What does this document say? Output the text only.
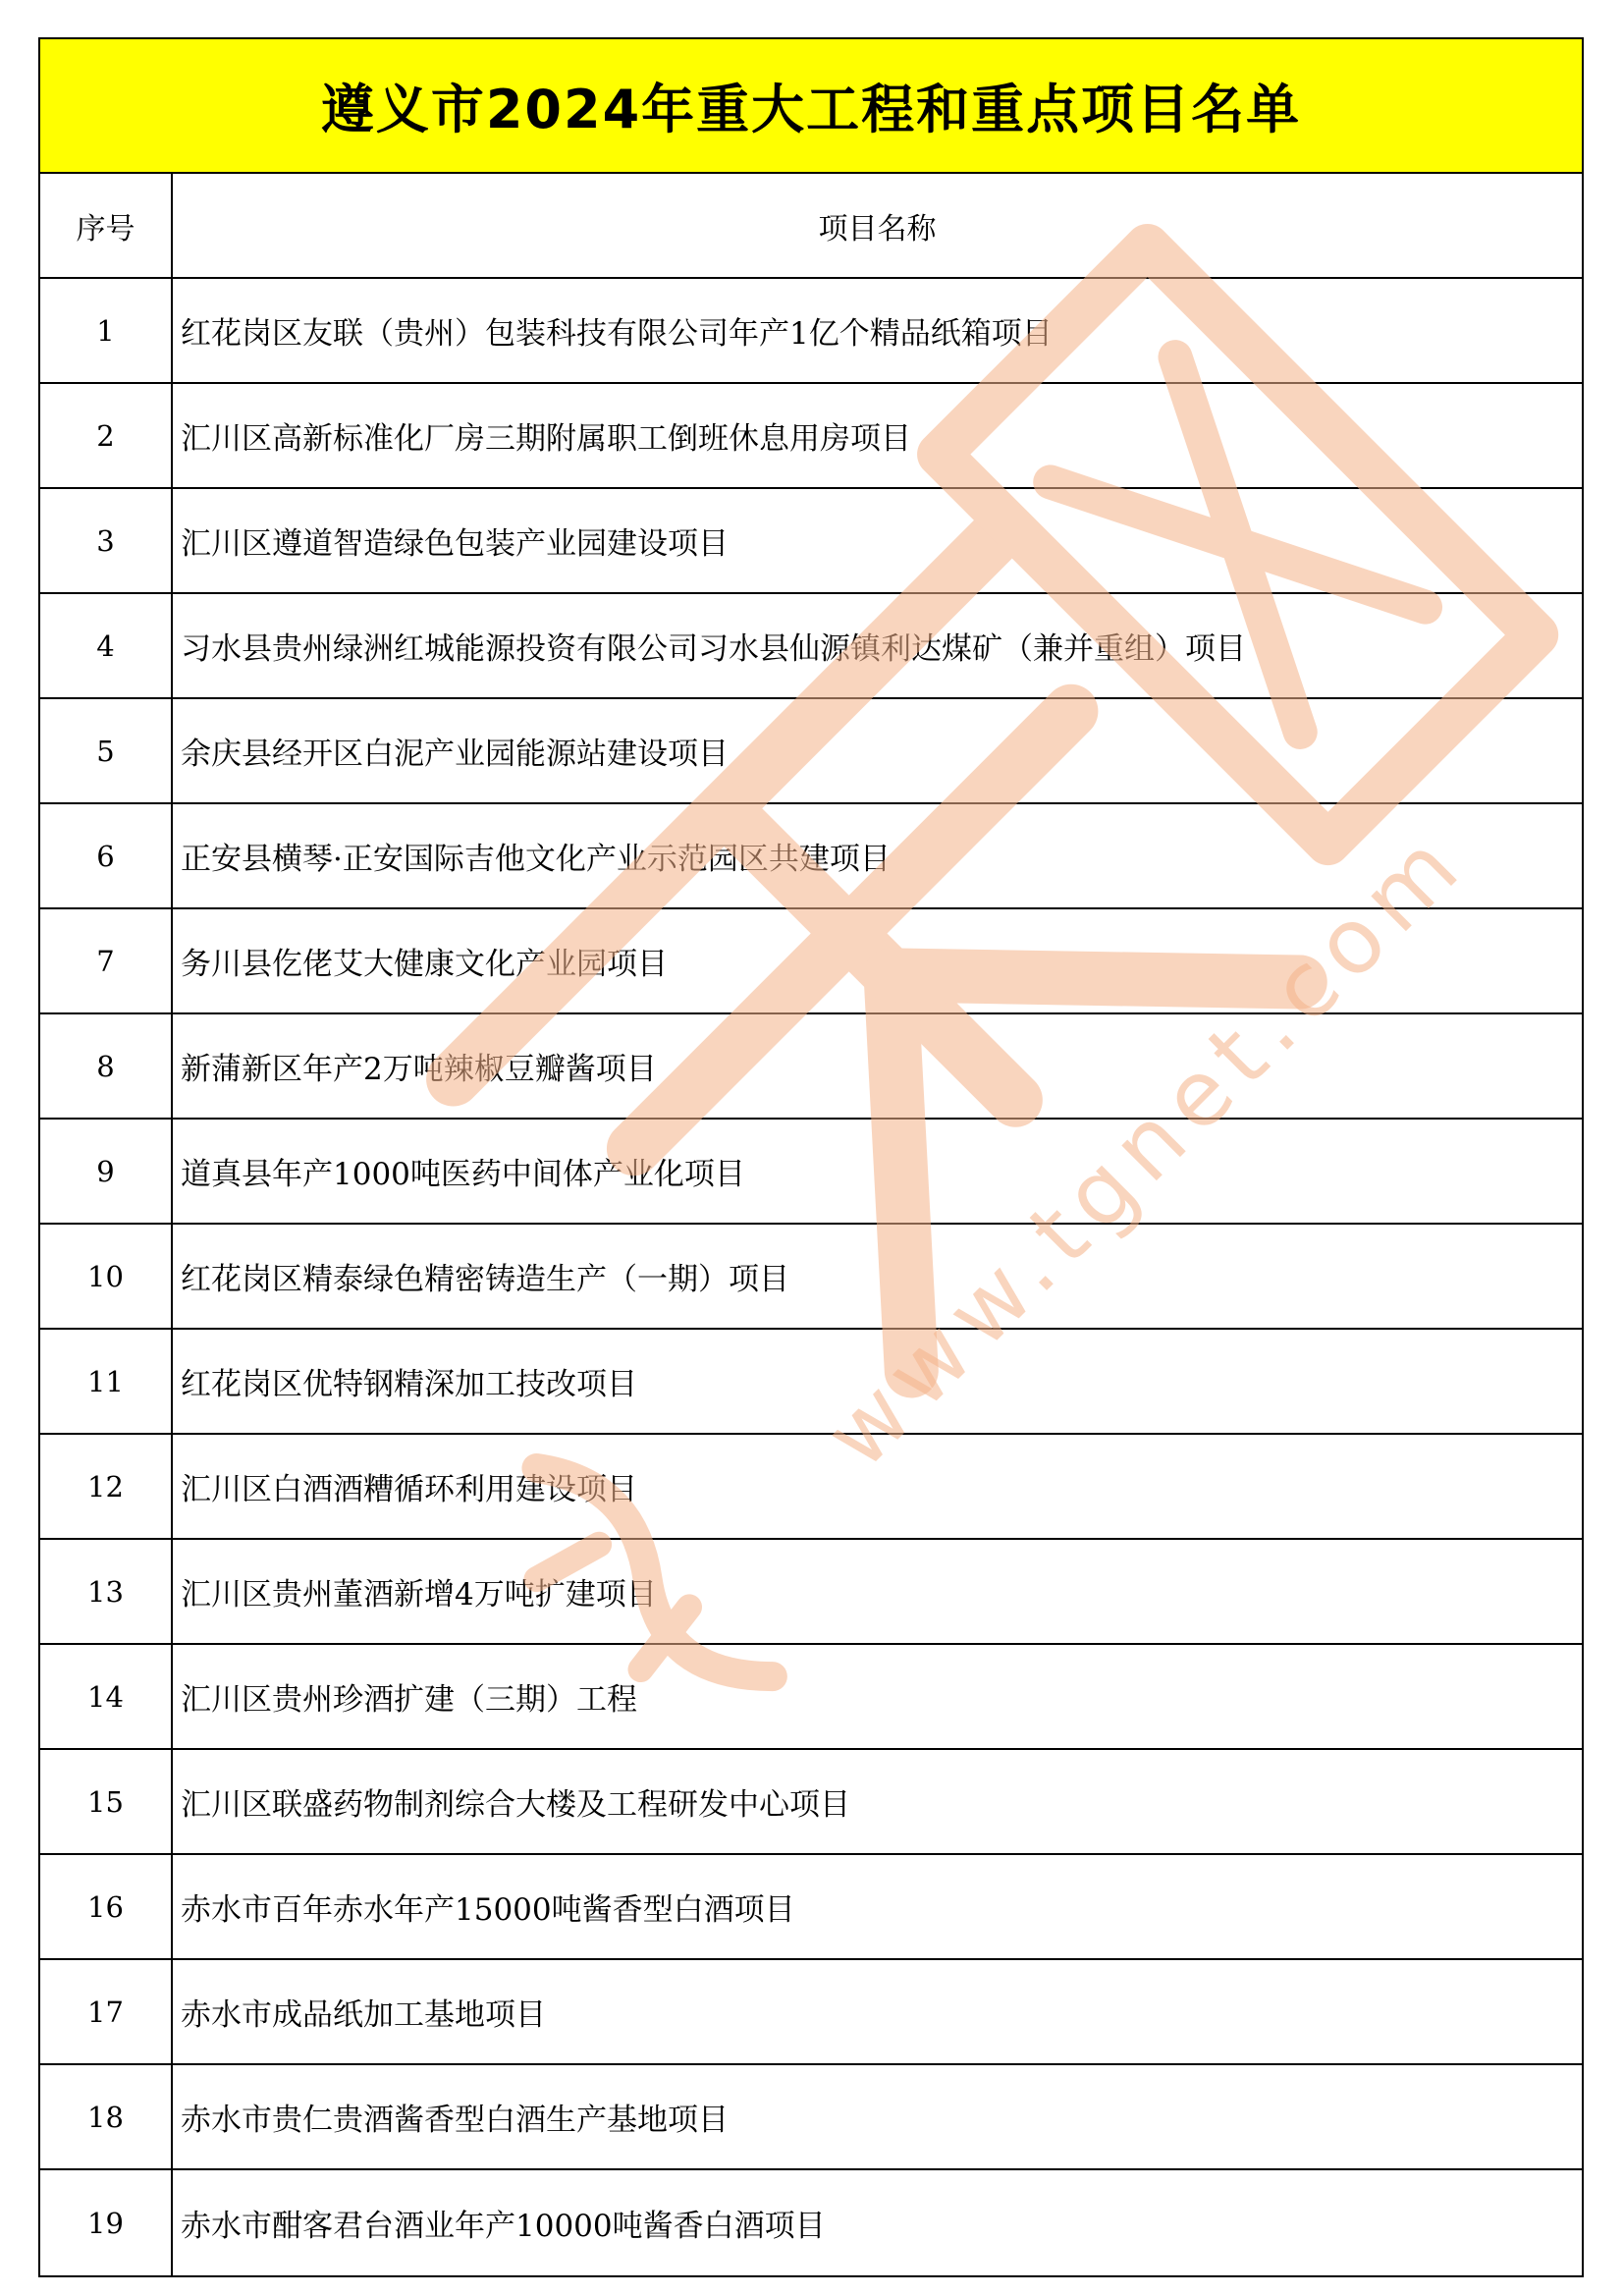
遵义市2024年重大工程和重点项目名单
序号	项目名称
1	红花岗区友联（贵州）包装科技有限公司年产1亿个精品纸箱项目
2	汇川区高新标准化厂房三期附属职工倒班休息用房项目
3	汇川区遵道智造绿色包装产业园建设项目
4	习水县贵州绿洲红城能源投资有限公司习水县仙源镇利达煤矿（兼并重组）项目
5	余庆县经开区白泥产业园能源站建设项目
6	正安县横琴·正安国际吉他文化产业示范园区共建项目
7	务川县仡佬艾大健康文化产业园项目
8	新蒲新区年产2万吨辣椒豆瓣酱项目
9	道真县年产1000吨医药中间体产业化项目
10	红花岗区精泰绿色精密铸造生产（一期）项目
11	红花岗区优特钢精深加工技改项目
12	汇川区白酒酒糟循环利用建设项目
13	汇川区贵州董酒新增4万吨扩建项目
14	汇川区贵州珍酒扩建（三期）工程
15	汇川区联盛药物制剂综合大楼及工程研发中心项目
16	赤水市百年赤水年产15000吨酱香型白酒项目
17	赤水市成品纸加工基地项目
18	赤水市贵仁贵酒酱香型白酒生产基地项目
19	赤水市酣客君台酒业年产10000吨酱香白酒项目
www.tgnet.com
